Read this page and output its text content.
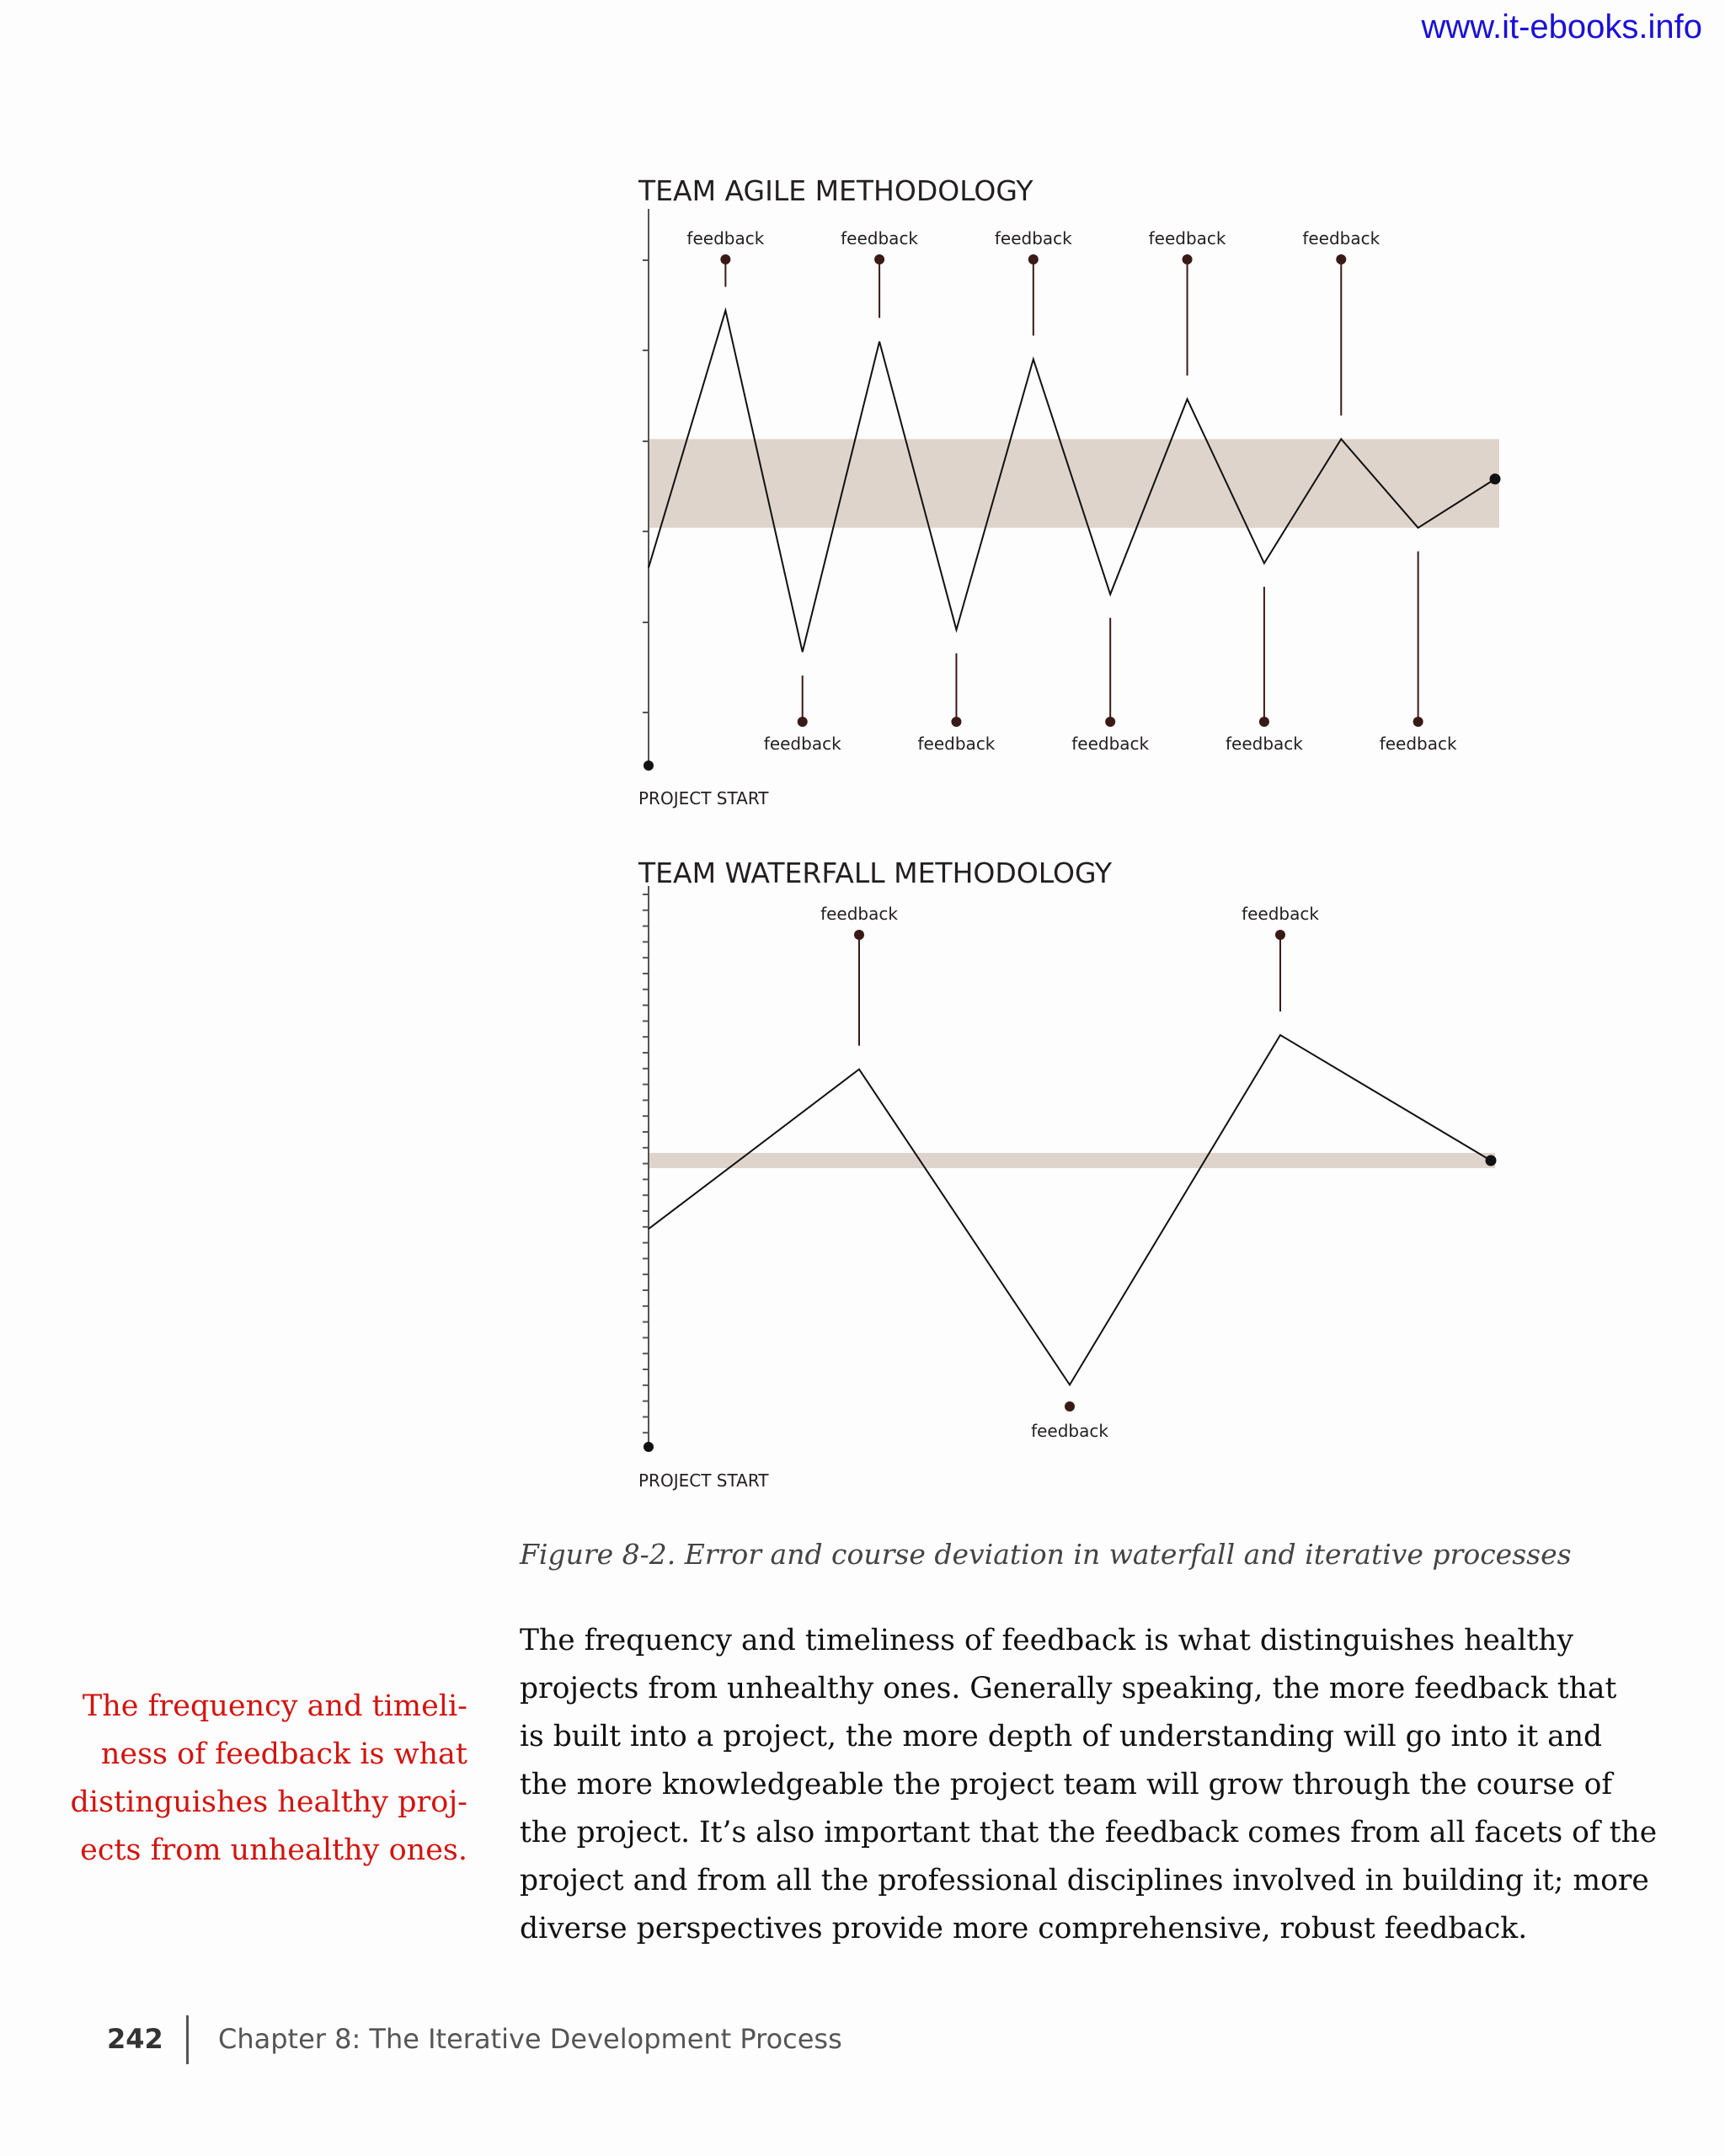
www.it-ebooks.info
TEAM AGILE METHODOLOGY
TEAM WATERFALL METHODOLOGY
PROJECT START
feedback
feedback
feedback
feedback
feedback
feedback
feedback
feedback
feedback
feedback
PROJECT START
feedback
feedback
feedback
Figure 8-2. Error and course deviation in waterfall and iterative processes
The frequency and timeliness of feedback is what distinguishes healthy
projects from unhealthy ones. Generally speaking, the more feedback that
is built into a project, the more depth of understanding will go into it and
the more knowledgeable the project team will grow through the course of
the project. It’s also important that the feedback comes from all facets of the
project and from all the professional disciplines involved in building it; more
diverse perspectives provide more comprehensive, robust feedback.
The frequency and timeli-
ness of feedback is what
distinguishes healthy proj-
ects from unhealthy ones.
242 Chapter 8: The Iterative Development Process
